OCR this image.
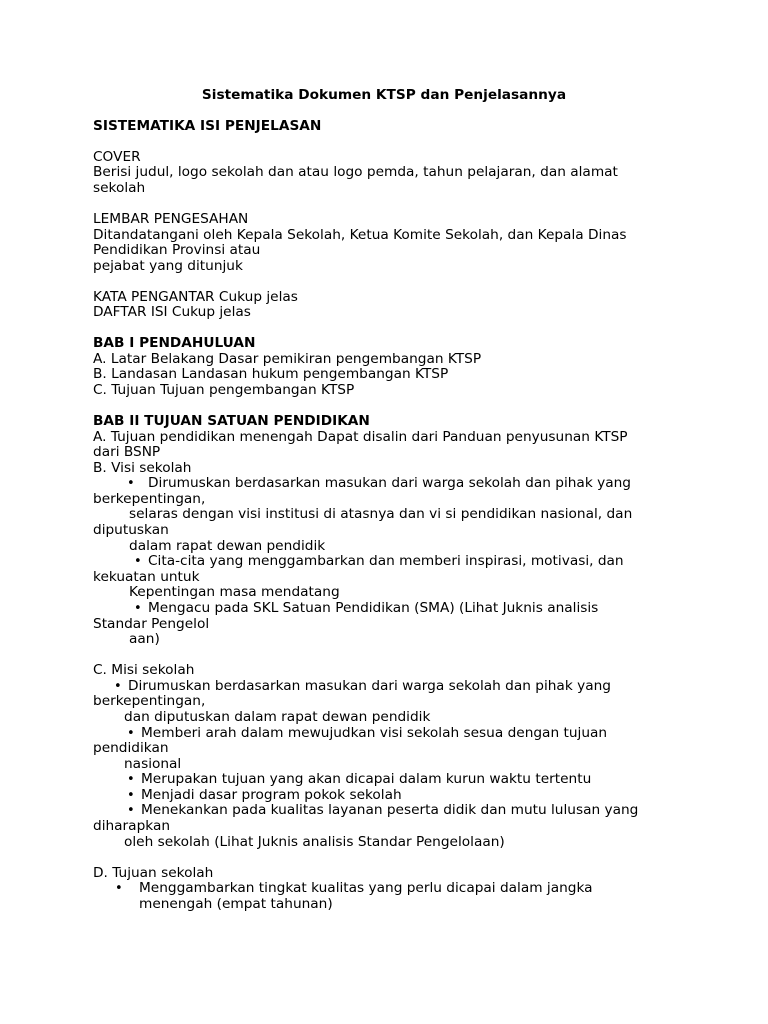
Sistematika Dokumen KTSP dan Penjelasannya
SISTEMATIKA ISI PENJELASAN
COVER
Berisi judul, logo sekolah dan atau logo pemda, tahun pelajaran, dan alamat
sekolah
LEMBAR PENGESAHAN
Ditandatangani oleh Kepala Sekolah, Ketua Komite Sekolah, dan Kepala Dinas
Pendidikan Provinsi atau
pejabat yang ditunjuk
KATA PENGANTAR Cukup jelas
DAFTAR ISI Cukup jelas
BAB I PENDAHULUAN
A. Latar Belakang Dasar pemikiran pengembangan KTSP
B. Landasan Landasan hukum pengembangan KTSP
C. Tujuan Tujuan pengembangan KTSP
BAB II TUJUAN SATUAN PENDIDIKAN
A. Tujuan pendidikan menengah Dapat disalin dari Panduan penyusunan KTSP
dari BSNP
B. Visi sekolah
• Dirumuskan berdasarkan masukan dari warga sekolah dan pihak yang
berkepentingan,
selaras dengan visi institusi di atasnya dan vi si pendidikan nasional, dan
diputuskan
dalam rapat dewan pendidik
• Cita-cita yang menggambarkan dan memberi inspirasi, motivasi, dan
kekuatan untuk
Kepentingan masa mendatang
• Mengacu pada SKL Satuan Pendidikan (SMA) (Lihat Juknis analisis
Standar Pengelol
aan)
C. Misi sekolah
• Dirumuskan berdasarkan masukan dari warga sekolah dan pihak yang
berkepentingan,
dan diputuskan dalam rapat dewan pendidik
• Memberi arah dalam mewujudkan visi sekolah sesua dengan tujuan
pendidikan
nasional
• Merupakan tujuan yang akan dicapai dalam kurun waktu tertentu
• Menjadi dasar program pokok sekolah
• Menekankan pada kualitas layanan peserta didik dan mutu lulusan yang
diharapkan
oleh sekolah (Lihat Juknis analisis Standar Pengelolaan)
D. Tujuan sekolah
• Menggambarkan tingkat kualitas yang perlu dicapai dalam jangka
menengah (empat tahunan)
